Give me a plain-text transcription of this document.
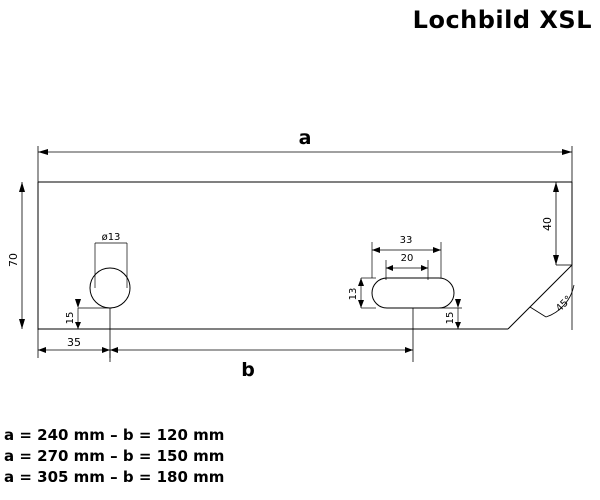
Lochbild XSL
a
70
40
ø13
15
33
20
13
15
45°
35
b
a = 240 mm – b = 120 mm
a = 270 mm – b = 150 mm
a = 305 mm – b = 180 mm
